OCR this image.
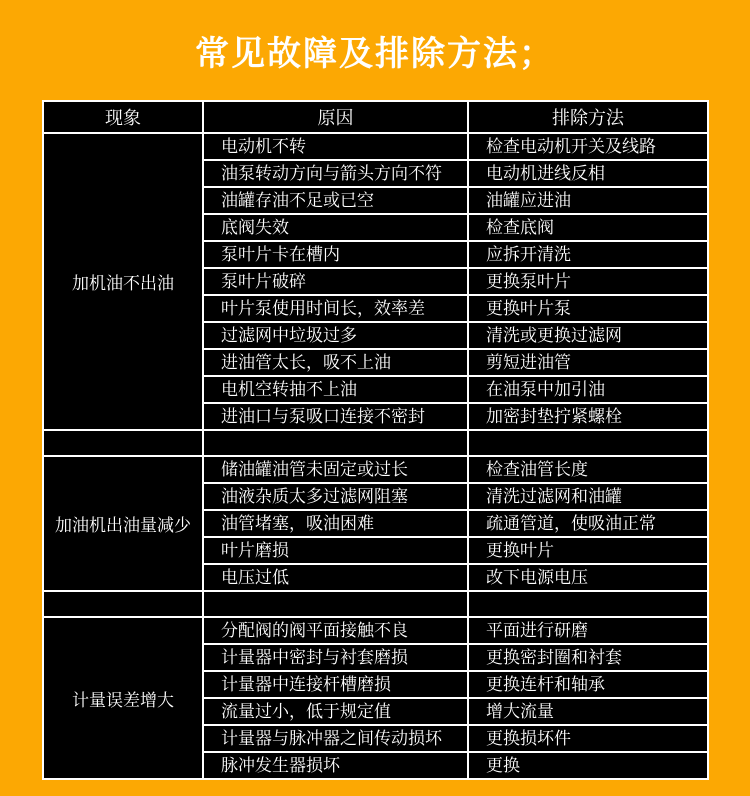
常见故障及排除方法；
现象	原因	排除方法
加机油不出油	电动机不转	检查电动机开关及线路
	油泵转动方向与箭头方向不符	电动机进线反相
	油罐存油不足或已空	油罐应进油
	底阀失效	检查底阀
	泵叶片卡在槽内	应拆开清洗
	泵叶片破碎	更换泵叶片
	叶片泵使用时间长，效率差	更换叶片泵
	过滤网中垃圾过多	清洗或更换过滤网
	进油管太长，吸不上油	剪短进油管
	电机空转抽不上油	在油泵中加引油
	进油口与泵吸口连接不密封	加密封垫拧紧螺栓

加油机出油量减少	储油罐油管未固定或过长	检查油管长度
	油液杂质太多过滤网阻塞	清洗过滤网和油罐
	油管堵塞，吸油困难	疏通管道，使吸油正常
	叶片磨损	更换叶片
	电压过低	改下电源电压

计量误差增大	分配阀的阀平面接触不良	平面进行研磨
	计量器中密封与衬套磨损	更换密封圈和衬套
	计量器中连接杆槽磨损	更换连杆和轴承
	流量过小，低于规定值	增大流量
	计量器与脉冲器之间传动损坏	更换损坏件
	脉冲发生器损坏	更换
